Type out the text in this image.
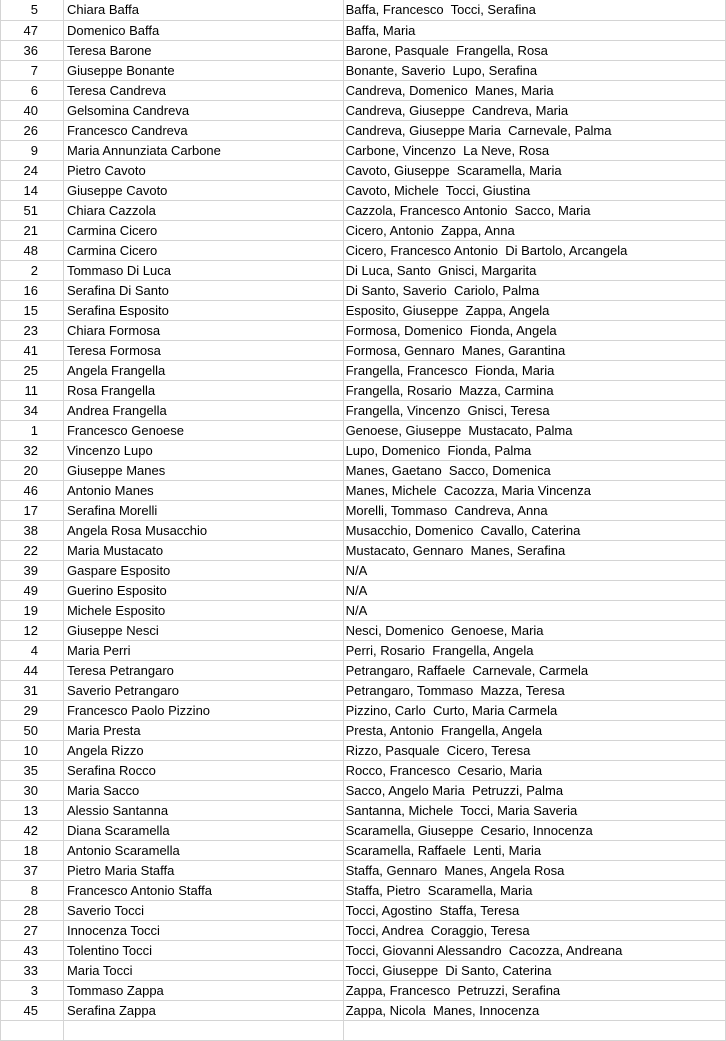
5	Chiara Baffa	Baffa, Francesco  Tocci, Serafina
47	Domenico Baffa	Baffa, Maria
36	Teresa Barone	Barone, Pasquale  Frangella, Rosa
7	Giuseppe Bonante	Bonante, Saverio  Lupo, Serafina
6	Teresa Candreva	Candreva, Domenico  Manes, Maria
40	Gelsomina Candreva	Candreva, Giuseppe  Candreva, Maria
26	Francesco Candreva	Candreva, Giuseppe Maria  Carnevale, Palma
9	Maria Annunziata Carbone	Carbone, Vincenzo  La Neve, Rosa
24	Pietro Cavoto	Cavoto, Giuseppe  Scaramella, Maria
14	Giuseppe Cavoto	Cavoto, Michele  Tocci, Giustina
51	Chiara Cazzola	Cazzola, Francesco Antonio  Sacco, Maria
21	Carmina Cicero	Cicero, Antonio  Zappa, Anna
48	Carmina Cicero	Cicero, Francesco Antonio  Di Bartolo, Arcangela
2	Tommaso Di Luca	Di Luca, Santo  Gnisci, Margarita
16	Serafina Di Santo	Di Santo, Saverio  Cariolo, Palma
15	Serafina Esposito	Esposito, Giuseppe  Zappa, Angela
23	Chiara Formosa	Formosa, Domenico  Fionda, Angela
41	Teresa Formosa	Formosa, Gennaro  Manes, Garantina
25	Angela Frangella	Frangella, Francesco  Fionda, Maria
11	Rosa Frangella	Frangella, Rosario  Mazza, Carmina
34	Andrea Frangella	Frangella, Vincenzo  Gnisci, Teresa
1	Francesco Genoese	Genoese, Giuseppe  Mustacato, Palma
32	Vincenzo Lupo	Lupo, Domenico  Fionda, Palma
20	Giuseppe Manes	Manes, Gaetano  Sacco, Domenica
46	Antonio Manes	Manes, Michele  Cacozza, Maria Vincenza
17	Serafina Morelli	Morelli, Tommaso  Candreva, Anna
38	Angela Rosa Musacchio	Musacchio, Domenico  Cavallo, Caterina
22	Maria Mustacato	Mustacato, Gennaro  Manes, Serafina
39	Gaspare Esposito	N/A
49	Guerino Esposito	N/A
19	Michele Esposito	N/A
12	Giuseppe Nesci	Nesci, Domenico  Genoese, Maria
4	Maria Perri	Perri, Rosario  Frangella, Angela
44	Teresa Petrangaro	Petrangaro, Raffaele  Carnevale, Carmela
31	Saverio Petrangaro	Petrangaro, Tommaso  Mazza, Teresa
29	Francesco Paolo Pizzino	Pizzino, Carlo  Curto, Maria Carmela
50	Maria Presta	Presta, Antonio  Frangella, Angela
10	Angela Rizzo	Rizzo, Pasquale  Cicero, Teresa
35	Serafina Rocco	Rocco, Francesco  Cesario, Maria
30	Maria Sacco	Sacco, Angelo Maria  Petruzzi, Palma
13	Alessio Santanna	Santanna, Michele  Tocci, Maria Saveria
42	Diana Scaramella	Scaramella, Giuseppe  Cesario, Innocenza
18	Antonio Scaramella	Scaramella, Raffaele  Lenti, Maria
37	Pietro Maria Staffa	Staffa, Gennaro  Manes, Angela Rosa
8	Francesco Antonio Staffa	Staffa, Pietro  Scaramella, Maria
28	Saverio Tocci	Tocci, Agostino  Staffa, Teresa
27	Innocenza Tocci	Tocci, Andrea  Coraggio, Teresa
43	Tolentino Tocci	Tocci, Giovanni Alessandro  Cacozza, Andreana
33	Maria Tocci	Tocci, Giuseppe  Di Santo, Caterina
3	Tommaso Zappa	Zappa, Francesco  Petruzzi, Serafina
45	Serafina Zappa	Zappa, Nicola  Manes, Innocenza
